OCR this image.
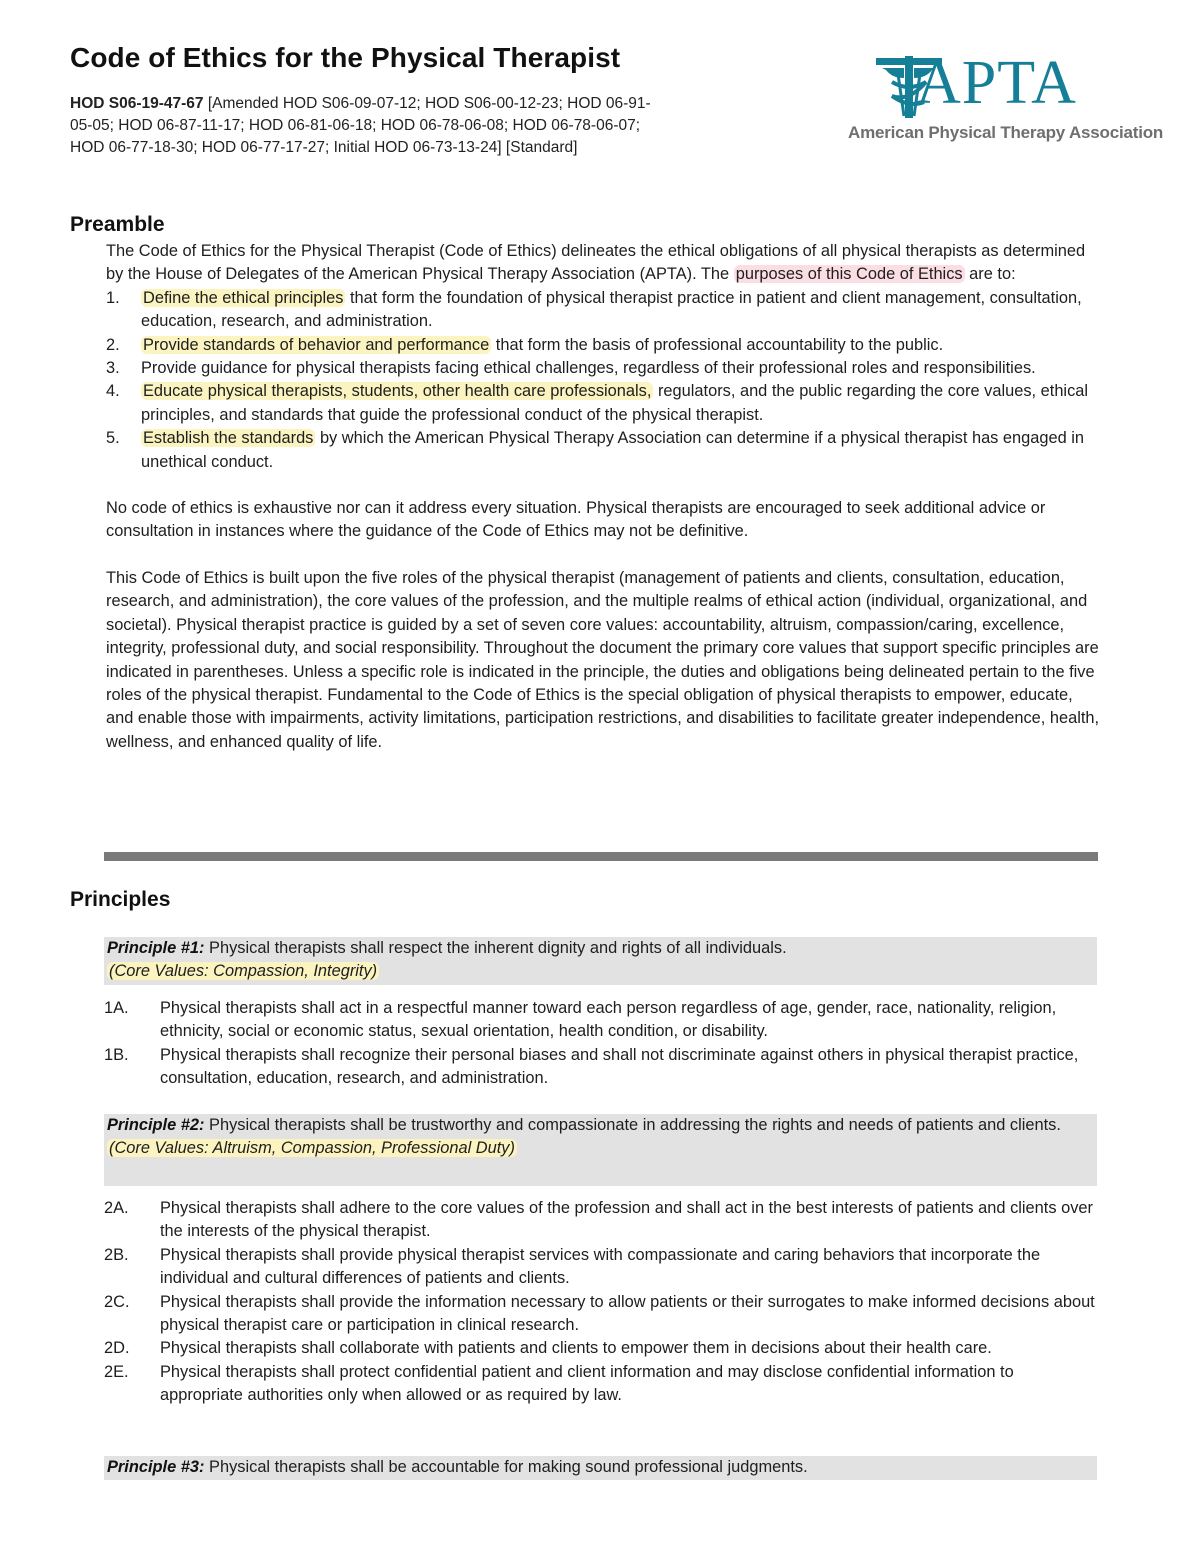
Code of Ethics for the Physical Therapist
HOD S06-19-47-67 [Amended HOD S06-09-07-12; HOD S06-00-12-23; HOD 06-91-05-05; HOD 06-87-11-17; HOD 06-81-06-18; HOD 06-78-06-08; HOD 06-78-06-07; HOD 06-77-18-30; HOD 06-77-17-27; Initial HOD 06-73-13-24] [Standard]
APTA
American Physical Therapy Association
Preamble

The Code of Ethics for the Physical Therapist (Code of Ethics) delineates the ethical obligations of all physical therapists as determined by the House of Delegates of the American Physical Therapy Association (APTA). The purposes of this Code of Ethics are to:

1. Define the ethical principles that form the foundation of physical therapist practice in patient and client management, consultation, education, research, and administration.
2. Provide standards of behavior and performance that form the basis of professional accountability to the public.
3. Provide guidance for physical therapists facing ethical challenges, regardless of their professional roles and responsibilities.
4. Educate physical therapists, students, other health care professionals, regulators, and the public regarding the core values, ethical principles, and standards that guide the professional conduct of the physical therapist.
5. Establish the standards by which the American Physical Therapy Association can determine if a physical therapist has engaged in unethical conduct.

No code of ethics is exhaustive nor can it address every situation. Physical therapists are encouraged to seek additional advice or consultation in instances where the guidance of the Code of Ethics may not be definitive.

This Code of Ethics is built upon the five roles of the physical therapist (management of patients and clients, consultation, education, research, and administration), the core values of the profession, and the multiple realms of ethical action (individual, organizational, and societal). Physical therapist practice is guided by a set of seven core values: accountability, altruism, compassion/caring, excellence, integrity, professional duty, and social responsibility. Throughout the document the primary core values that support specific principles are indicated in parentheses. Unless a specific role is indicated in the principle, the duties and obligations being delineated pertain to the five roles of the physical therapist. Fundamental to the Code of Ethics is the special obligation of physical therapists to empower, educate, and enable those with impairments, activity limitations, participation restrictions, and disabilities to facilitate greater independence, health, wellness, and enhanced quality of life.

Principles
Principle #1: Physical therapists shall respect the inherent dignity and rights of all individuals.
(Core Values: Compassion, Integrity)
1A. Physical therapists shall act in a respectful manner toward each person regardless of age, gender, race, nationality, religion, ethnicity, social or economic status, sexual orientation, health condition, or disability.
1B. Physical therapists shall recognize their personal biases and shall not discriminate against others in physical therapist practice, consultation, education, research, and administration.
Principle #2: Physical therapists shall be trustworthy and compassionate in addressing the rights and needs of patients and clients.
(Core Values: Altruism, Compassion, Professional Duty)
2A. Physical therapists shall adhere to the core values of the profession and shall act in the best interests of patients and clients over the interests of the physical therapist.
2B. Physical therapists shall provide physical therapist services with compassionate and caring behaviors that incorporate the individual and cultural differences of patients and clients.
2C. Physical therapists shall provide the information necessary to allow patients or their surrogates to make informed decisions about physical therapist care or participation in clinical research.
2D. Physical therapists shall collaborate with patients and clients to empower them in decisions about their health care.
2E. Physical therapists shall protect confidential patient and client information and may disclose confidential information to appropriate authorities only when allowed or as required by law.
Principle #3: Physical therapists shall be accountable for making sound professional judgments.
